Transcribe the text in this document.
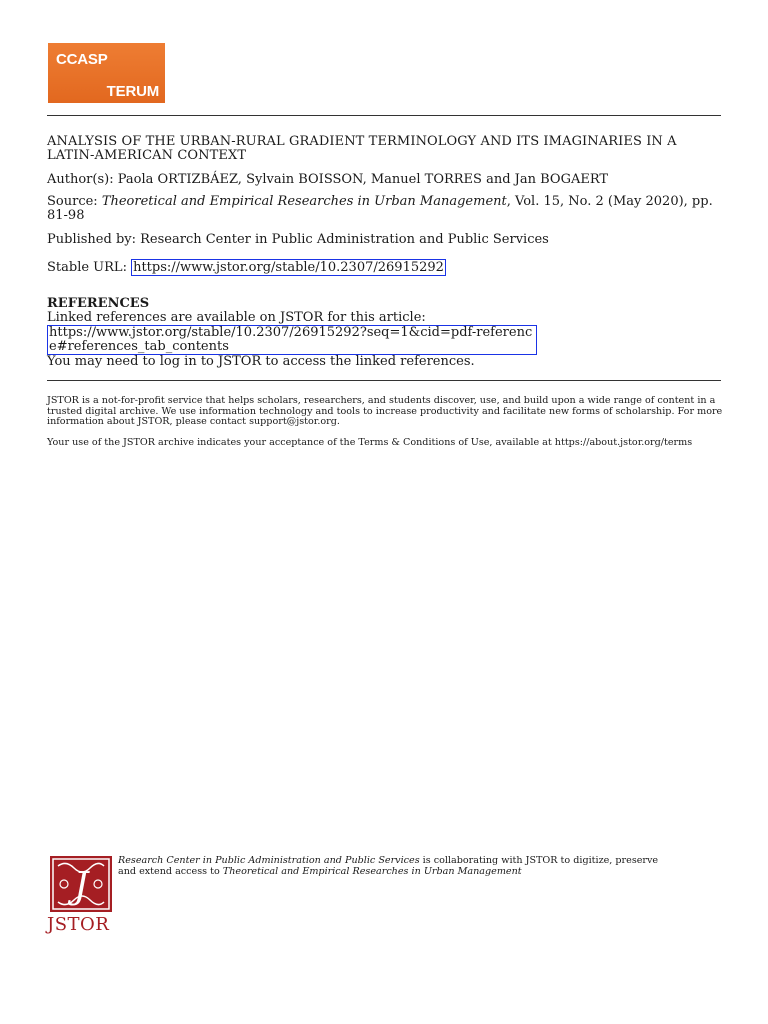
CCASP
TERUM
ANALYSIS OF THE URBAN-RURAL GRADIENT TERMINOLOGY AND ITS IMAGINARIES IN A LATIN-AMERICAN CONTEXT
Author(s): Paola ORTIZBÁEZ, Sylvain BOISSON, Manuel TORRES and Jan BOGAERT
Source: Theoretical and Empirical Researches in Urban Management, Vol. 15, No. 2 (May 2020), pp. 81-98
Published by: Research Center in Public Administration and Public Services
Stable URL: https://www.jstor.org/stable/10.2307/26915292
REFERENCES
Linked references are available on JSTOR for this article:
https://www.jstor.org/stable/10.2307/26915292?seq=1&cid=pdf-reference#references_tab_contents
You may need to log in to JSTOR to access the linked references.
JSTOR is a not-for-profit service that helps scholars, researchers, and students discover, use, and build upon a wide range of content in a trusted digital archive. We use information technology and tools to increase productivity and facilitate new forms of scholarship. For more information about JSTOR, please contact support@jstor.org.
Your use of the JSTOR archive indicates your acceptance of the Terms & Conditions of Use, available at https://about.jstor.org/terms
J
JSTOR
Research Center in Public Administration and Public Services is collaborating with JSTOR to digitize, preserve and extend access to Theoretical and Empirical Researches in Urban Management
